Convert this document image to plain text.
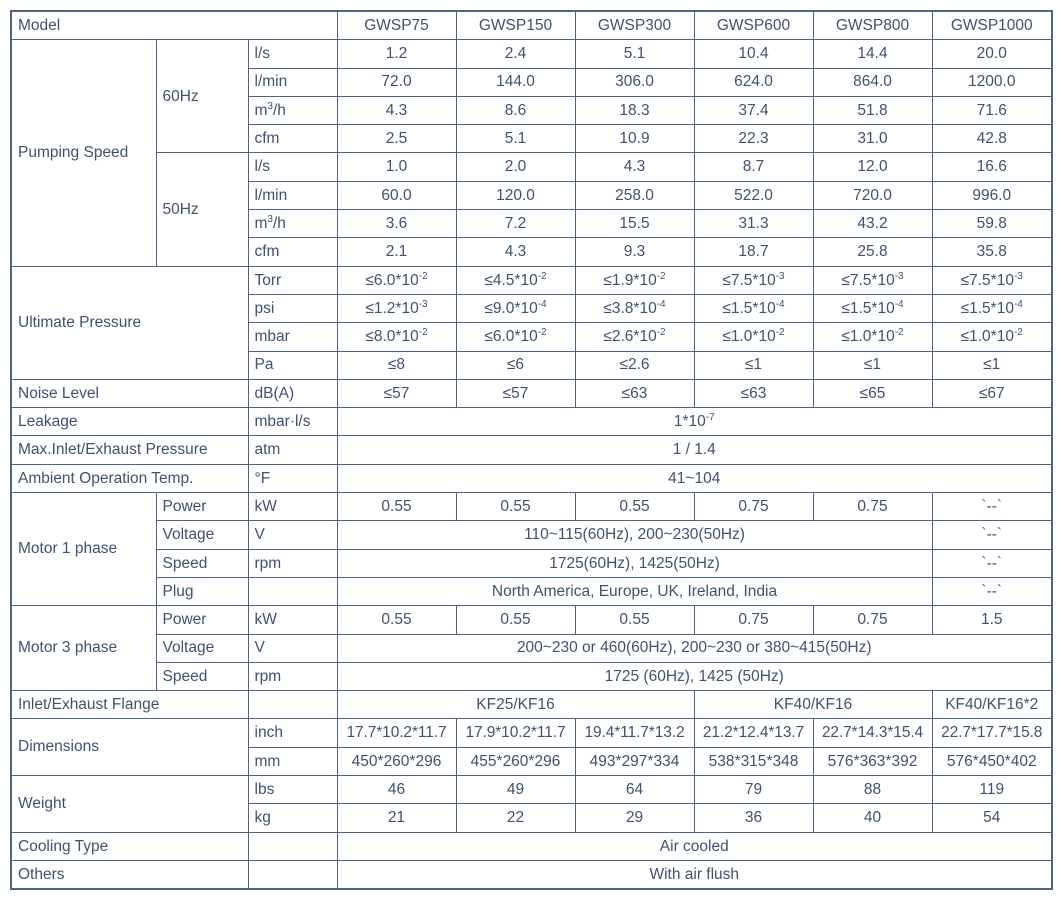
Model			GWSP75	GWSP150	GWSP300	GWSP600	GWSP800	GWSP1000
Pumping Speed	60Hz	l/s	1.2	2.4	5.1	10.4	14.4	20.0
		l/min	72.0	144.0	306.0	624.0	864.0	1200.0
		$m^3/h$	4.3	8.6	18.3	37.4	51.8	71.6
		cfm	2.5	5.1	10.9	22.3	31.0	42.8
	50Hz	l/s	1.0	2.0	4.3	8.7	12.0	16.6
		l/min	60.0	120.0	258.0	522.0	720.0	996.0
		$m^3/h$	3.6	7.2	15.5	31.3	43.2	59.8
		cfm	2.1	4.3	9.3	18.7	25.8	35.8
Ultimate Pressure		Torr	$\le 6.0*10^{-2}$	$\le 4.5*10^{-2}$	$\le 1.9*10^{-2}$	$\le 7.5*10^{-3}$	$\le 7.5*10^{-3}$	$\le 7.5*10^{-3}$
		psi	$\le 1.2*10^{-3}$	$\le 9.0*10^{-4}$	$\le 3.8*10^{-4}$	$\le 1.5*10^{-4}$	$\le 1.5*10^{-4}$	$\le 1.5*10^{-4}$
		mbar	$\le 8.0*10^{-2}$	$\le 6.0*10^{-2}$	$\le 2.6*10^{-2}$	$\le 1.0*10^{-2}$	$\le 1.0*10^{-2}$	$\le 1.0*10^{-2}$
		Pa	≤8	≤6	≤2.6	≤1	≤1	≤1
Noise Level		dB(A)	≤57	≤57	≤63	≤63	≤65	≤67
Leakage		mbar·l/s	$1*10^{-7}$
Max.Inlet/Exhaust Pressure		atm	1 / 1.4					
Ambient Operation Temp.		°F	41~104					
Motor 1 phase	Power	kW	0.55	0.55	0.55	0.75	0.75	`--`
	Voltage	V	110~115(60Hz), 200~230(50Hz)					`--`
	Speed	rpm	1725(60Hz), 1425(50Hz)					`--`
	Plug		North America, Europe, UK, Ireland, India					`--`
Motor 3 phase	Power	kW	0.55	0.55	0.55	0.75	0.75	1.5
	Voltage	V	200~230 or 460(60Hz), 200~230 or 380~415(50Hz)					
	Speed	rpm	1725 (60Hz), 1425 (50Hz)					
Inlet/Exhaust Flange			KF25/KF16			KF40/KF16		KF40/KF16*2
Dimensions		inch	17.7*10.2*11.7	17.9*10.2*11.7	19.4*11.7*13.2	21.2*12.4*13.7	22.7*14.3*15.4	22.7*17.7*15.8
		mm	450*260*296	455*260*296	493*297*334	538*315*348	576*363*392	576*450*402
Weight		lbs	46	49	64	79	88	119
		kg	21	22	29	36	40	54
Cooling Type			Air cooled					
Others			With air flush					
